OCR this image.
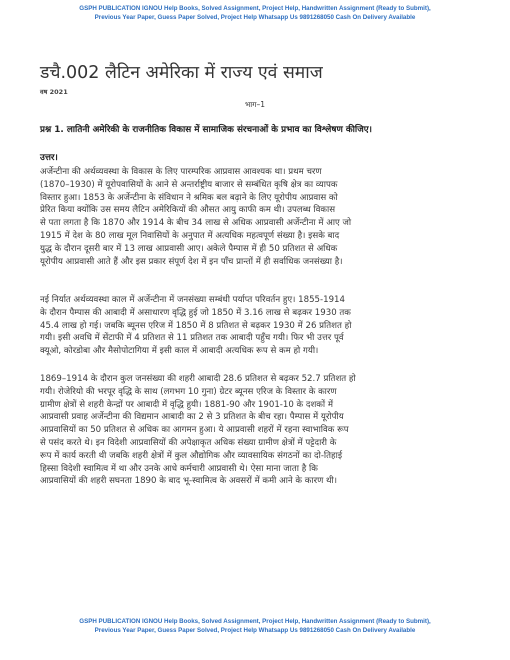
GSPH PUBLICATION IGNOU Help Books, Solved Assignment, Project Help, Handwritten Assignment (Ready to Submit),
Previous Year Paper, Guess Paper Solved, Project Help Whatsapp Us 9891268050 Cash On Delivery Available
डचै.002 लैटिन अमेरिका में राज्य एवं समाज
वष 2021
भाग–1
प्रश्न 1. लातिनी अमेरिकी के राजनीतिक विकास में सामाजिक संरचनाओं के प्रभाव का विश्लेषण कीजिए।
उत्तर।
अर्जेन्टीना की अर्थव्यवस्था के विकास के लिए पारम्परिक आप्रवास आवश्यक था। प्रथम चरण
(1870–1930) में यूरोपवासियों के आने से अन्तर्राष्ट्रीय बाजार से सम्बंधित कृषि क्षेत्र का व्यापक
विस्तार हुआ। 1853 के अर्जेन्टीना के संविधान ने श्रमिक बल बढ़ाने के लिए यूरोपीय आप्रवास को
प्रेरित किया क्योंकि उस समय लैटिन अमेरिकियों की औसत आयु काफी कम थी। उपलब्ध विकास
से पता लगता है कि 1870 और 1914 के बीच 34 लाख से अधिक आप्रवासी अर्जेन्टीना में आए जो
1915 में देश के 80 लाख मूल निवासियों के अनुपात में अत्यधिक महत्वपूर्ण संख्या है। इसके बाद
युद्ध के दौरान दूसरी बार में 13 लाख आप्रवासी आए। अकेले पैम्पास में ही 50 प्रतिशत से अधिक
यूरोपीय आप्रवासी आते हैं और इस प्रकार संपूर्ण देश में इन पाँच प्रान्तों में ही सर्वाधिक जनसंख्या है।
नई निर्यात अर्थव्यवस्था काल में अर्जेन्टीना में जनसंख्या सम्बंधी पर्याप्त परिवर्तन हुए। 1855-1914
के दौरान पैम्पास की आबादी में असाधारण वृद्धि हुई जो 1850 में 3.16 लाख से बढ़कर 1930 तक
45.4 लाख हो गई। जबकि ब्यूनस एरिज में 1850 में 8 प्रतिशत से बढ़कर 1930 में 26 प्रतिशत हो
गयी। इसी अवधि में सेंटाफी में 4 प्रतिशत से 11 प्रतिशत तक आबादी पहुँच गयी। फिर भी उत्तर पूर्व
क्यूओ, कोरडोबा और मैसोपोटागिया में इसी काल में आबादी अत्यधिक रूप से कम हो गयी।
1869–1914 के दौरान कुल जनसंख्या की शहरी आबादी 28.6 प्रतिशत से बढ़कर 52.7 प्रतिशत हो
गयी। रोजेरियो की भरपूर वृद्धि के साथ (लगभग 10 गुना) ग्रेटर ब्यूनस एरिज के विस्तार के कारण
ग्रामीण क्षेत्रों से शहरी केन्द्रों पर आबादी में वृद्धि हुयी। 1881-90 और 1901-10 के दशकों में
आप्रवासी प्रवाह अर्जेन्टीना की विद्यमान आबादी का 2 से 3 प्रतिशत के बीच रहा। पैम्पास में यूरोपीय
आप्रवासियों का 50 प्रतिशत से अधिक का आगमन हुआ। ये आप्रवासी शहरों में रहना स्वाभाविक रूप
से पसंद करते थे। इन विदेशी आप्रवासियों की अपेक्षाकृत अधिक संख्या ग्रामीण क्षेत्रों में पट्टेदारी के
रूप में कार्य करती थी जबकि शहरी क्षेत्रों में कुल औद्योगिक और व्यावसायिक संगठनों का दो-तिहाई
हिस्सा विदेशी स्वामित्व में था और उनके आधे कर्मचारी आप्रवासी थे। ऐसा माना जाता है कि
आप्रवासियों की शहरी सघनता 1890 के बाद भू-स्वामित्व के अवसरों में कमी आने के कारण थी।
GSPH PUBLICATION IGNOU Help Books, Solved Assignment, Project Help, Handwritten Assignment (Ready to Submit),
Previous Year Paper, Guess Paper Solved, Project Help Whatsapp Us 9891268050 Cash On Delivery Available
